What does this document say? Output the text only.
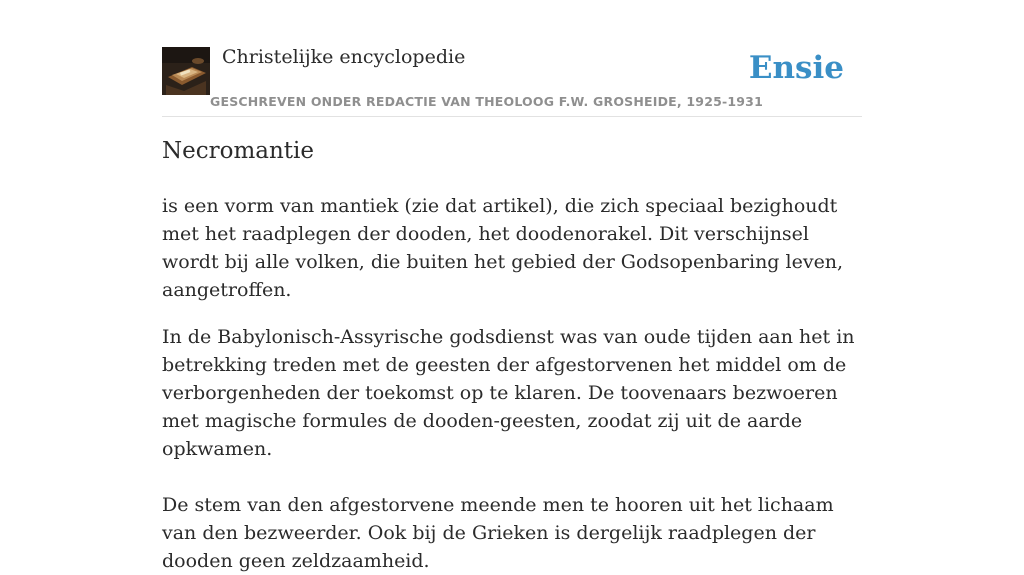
Christelijke encyclopedie
GESCHREVEN ONDER REDACTIE VAN THEOLOOG F.W. GROSHEIDE, 1925-1931
Ensie
Necromantie

is een vorm van mantiek (zie dat artikel), die zich speciaal bezighoudt met het raadplegen der dooden, het doodenorakel. Dit verschijnsel wordt bij alle volken, die buiten het gebied der Godsopenbaring leven, aangetroffen.

In de Babylonisch-Assyrische godsdienst was van oude tijden aan het in betrekking treden met de geesten der afgestorvenen het middel om de verborgenheden der toekomst op te klaren. De toovenaars bezwoeren met magische formules de dooden-geesten, zoodat zij uit de aarde opkwamen.

De stem van den afgestorvene meende men te hooren uit het lichaam van den bezweerder. Ook bij de Grieken is dergelijk raadplegen der dooden geen zeldzaamheid.
